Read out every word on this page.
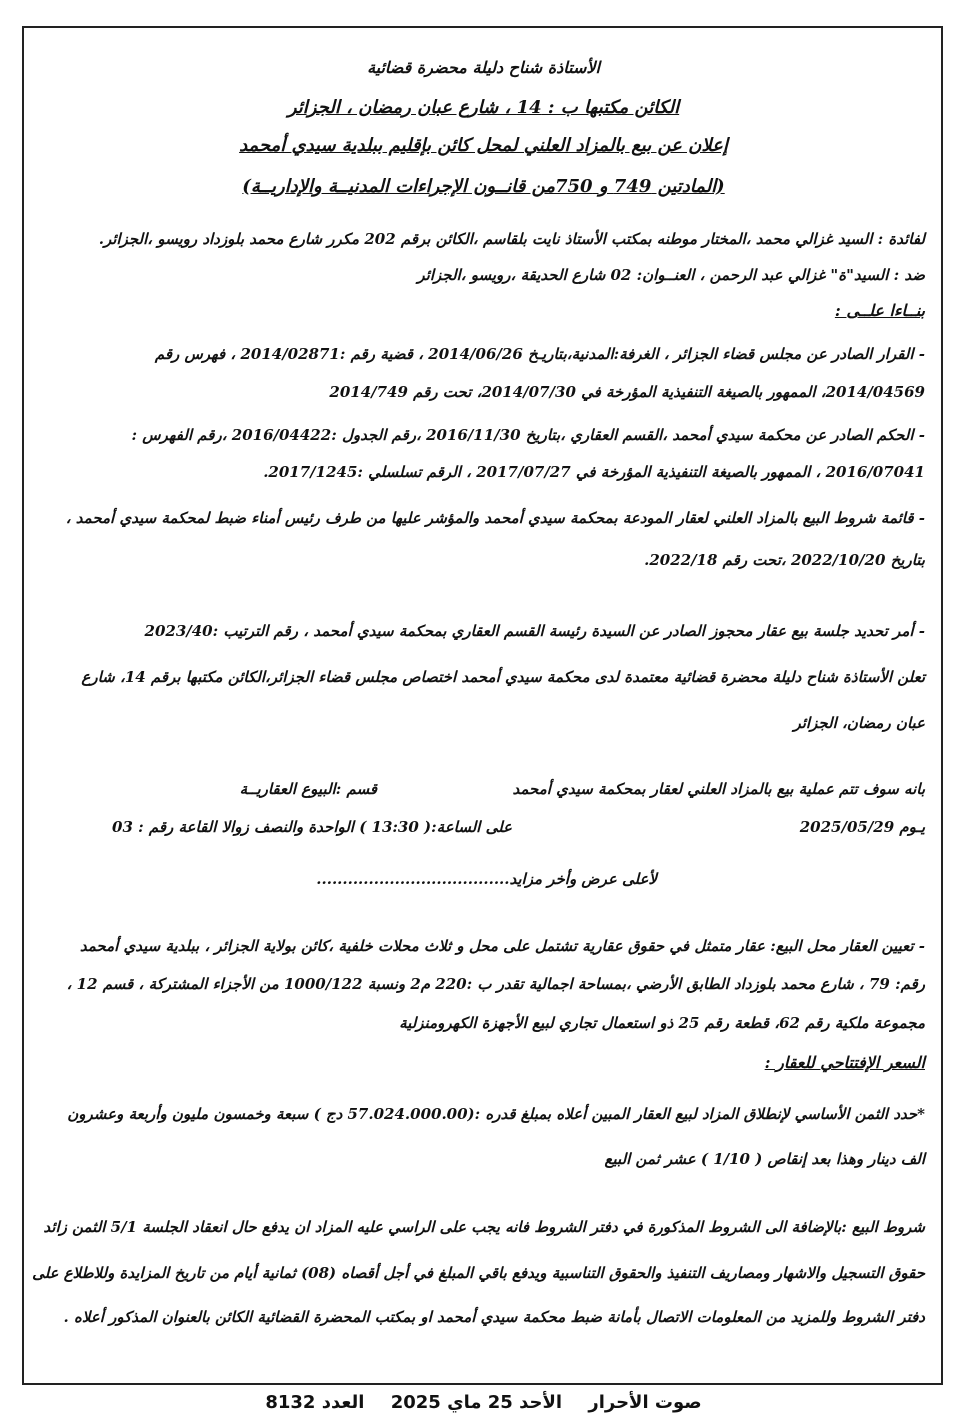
الأستاذة شناح دليلة محضرة قضائية
الكائن مكتبها ب : 14 ، شارع عبان رمضان ، الجزائر
إعلان عن بيع بالمزاد العلني لمحل كائن بإقليم ببلدية سيدي أمحمد
(المادتين 749 و 750من قانــون الإجراءات المدنيــة والإداريــة)
لفائدة : السيد غزالي محمد ،المختار موطنه بمكتب الأستاذ نايت بلقاسم ،الكائن برقم 202 مكرر شارع محمد بلوزداد رويسو ،الجزائر.
ضد : السيد"ة" غزالي عبد الرحمن ، العنــوان: 02 شارع الحديقة ،رويسو ،الجزائر
بنــاءا علــى :
- القرار الصادر عن مجلس قضاء الجزائر ، الغرفة:المدنية،بتاريـخ 2014/06/26 ، قضية رقم :2014/02871 ، فهرس رقم
2014/04569، الممهور بالصيغة التنفيذية المؤرخة في 2014/07/30، تحت رقم 2014/749
- الحكم الصادر عن محكمة سيدي أمحمد ،القسم العقاري ،بتاريخ 2016/11/30 ،رقم الجدول :2016/04422 ،رقم الفهرس :
2016/07041 ، الممهور بالصيغة التنفيذية المؤرخة في 2017/07/27 ، الرقم تسلسلي :2017/1245.
- قائمة شروط البيع بالمزاد العلني لعقار المودعة بمحكمة سيدي أمحمد والمؤشر عليها من طرف رئيس أمناء ضبط لمحكمة سيدي أمحمد ،
بتاريخ 2022/10/20 ،تحت رقم 2022/18.
- أمر تحديد جلسة بيع عقار محجوز الصادر عن السيدة رئيسة القسم العقاري بمحكمة سيدي أمحمد ، رقم الترتيب :2023/40
تعلن الأستاذة شناح دليلة محضرة قضائية معتمدة لدى محكمة سيدي أمحمد اختصاص مجلس قضاء الجزائر،الكائن مكتبها برقم 14، شارع
عبان رمضان، الجزائر
بانه سوف تتم عملية بيع بالمزاد العلني لعقار بمحكمة سيدي أمحمد
قسم :البيوع العقاريــة
يـوم 2025/05/29
على الساعة:( 13:30 ) الواحدة والنصف زوالا القاعة رقم : 03
لأعلى عرض وأخر مزايد.....................................
- تعيين العقار محل البيع: عقار متمثل في حقوق عقارية تشتمل على محل و ثلاث محلات خلفية ،كائن بولاية الجزائر ، ببلدية سيدي أمحمد
رقم: 79 ، شارع محمد بلوزداد الطابق الأرضي ،بمساحة اجمالية تقدر ب :220 م2 ونسبة 1000/122 من الأجزاء المشتركة ، قسم 12 ،
مجموعة ملكية رقم 62، قطعة رقم 25 ذو استعمال تجاري لبيع الأجهزة الكهرومنزلية
السعر الإفتتاحي للعقار :
*حدد الثمن الأساسي لإنطلاق المزاد لبيع العقار المبين أعلاه بمبلغ قدره :(57.024.000.00 دج ) سبعة وخمسون مليون وأربعة وعشرون
الف دينار وهذا بعد إنقاص ( 1/10 ) عشر ثمن البيع
شروط البيع :بالإضافة الى الشروط المذكورة في دفتر الشروط فانه يجب على الراسي عليه المزاد ان يدفع حال انعقاد الجلسة 5/1 الثمن زائد
حقوق التسجيل والاشهار ومصاريف التنفيذ والحقوق التناسبية ويدفع باقي المبلغ في أجل أقصاه (08) ثمانية أيام من تاريخ المزايدة وللاطلاع على
دفتر الشروط وللمزيد من المعلومات الاتصال بأمانة ضبط محكمة سيدي أمحمد او بمكتب المحضرة القضائية الكائن بالعنوان المذكور أعلاه .
صوت الأحرار الأحد 25 ماي 2025 العدد 8132
